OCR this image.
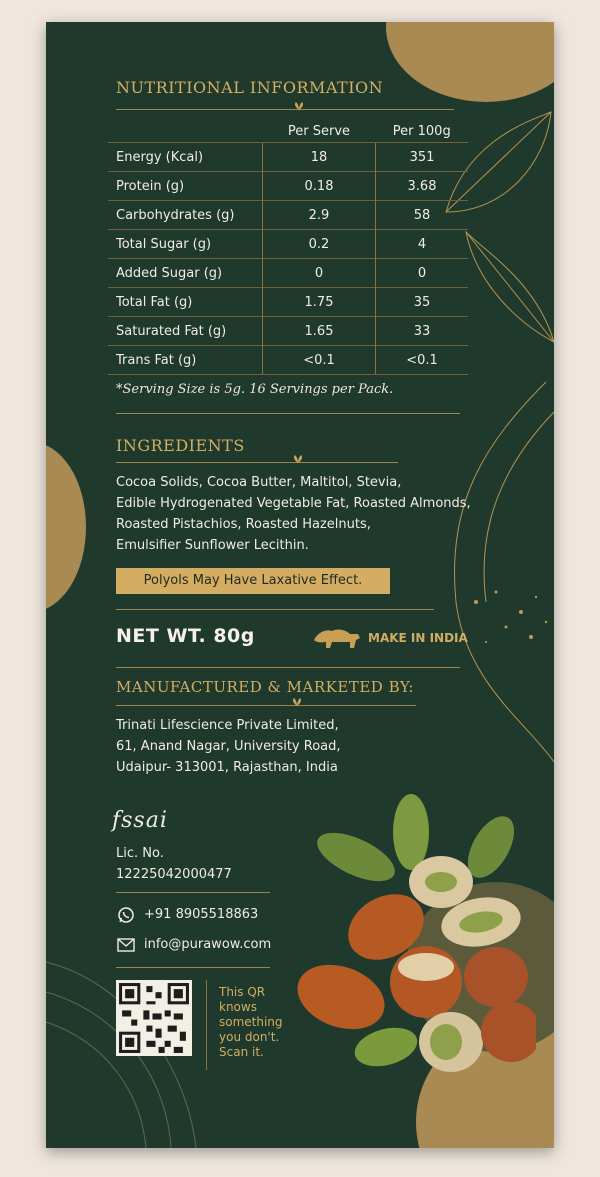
NUTRITIONAL INFORMATION
	Per Serve	Per 100g
Energy (Kcal)	18	351
Protein (g)	0.18	3.68
Carbohydrates (g)	2.9	58
Total Sugar (g)	0.2	4
Added Sugar (g)	0	0
Total Fat (g)	1.75	35
Saturated Fat (g)	1.65	33
Trans Fat (g)	<0.1	<0.1
*Serving Size is 5g. 16 Servings per Pack.
INGREDIENTS
Cocoa Solids, Cocoa Butter, Maltitol, Stevia,
Edible Hydrogenated Vegetable Fat, Roasted Almonds,
Roasted Pistachios, Roasted Hazelnuts,
Emulsifier Sunflower Lecithin.
Polyols May Have Laxative Effect.
NET WT. 80g	MAKE IN INDIA
MANUFACTURED & MARKETED BY:
Trinati Lifescience Private Limited,
61, Anand Nagar, University Road,
Udaipur- 313001, Rajasthan, India
fssai
Lic. No.
12225042000477
+91 8905518863
info@purawow.com
This QR
knows
something
you don't.
Scan it.
